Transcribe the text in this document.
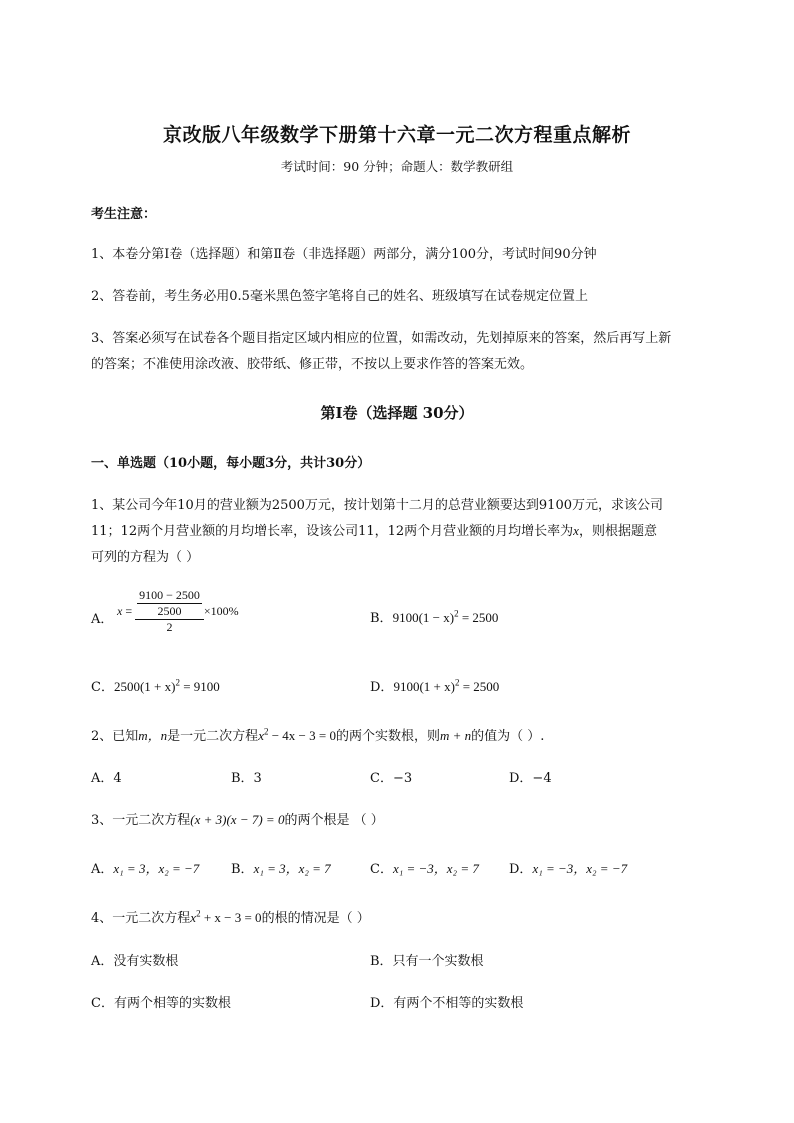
京改版八年级数学下册第十六章一元二次方程重点解析
考试时间：90 分钟；命题人：数学教研组
考生注意：
1、本卷分第Ⅰ卷（选择题）和第Ⅱ卷（非选择题）两部分，满分100分，考试时间90分钟
2、答卷前，考生务必用0.5毫米黑色签字笔将自己的姓名、班级填写在试卷规定位置上
3、答案必须写在试卷各个题目指定区域内相应的位置，如需改动，先划掉原来的答案，然后再写上新
的答案；不准使用涂改液、胶带纸、修正带，不按以上要求作答的答案无效。
第Ⅰ卷（选择题 30分）
一、单选题（10小题，每小题3分，共计30分）
1、某公司今年10月的营业额为2500万元，按计划第十二月的总营业额要达到9100万元，求该公司
11；12两个月营业额的月均增长率，设该公司11，12两个月营业额的月均增长率为x，则根据题意
可列的方程为（ ）
A．
$x = \frac{\frac{9100 - 2500}{2500}}{2} \times 100\%$	B．$9100(1 - x)^2 = 2500$
C．$2500(1 + x)^2 = 9100$	D．$9100(1 + x)^2 = 2500$
2、已知m，n是一元二次方程$x^2 - 4x - 3 = 0$的两个实数根，则m + n的值为（ ）.
A．4	B．3	C．−3	D．−4
3、一元二次方程(x + 3)(x − 7) = 0的两个根是 （ ）
A．x₁ = 3，x₂ = −7 B．x₁ = 3，x₂ = 7	C．x₁ = −3，x₂ = 7 D．x₁ = −3，x₂ = −7
4、一元二次方程$x^2 + x - 3 = 0$的根的情况是（ ）
A．没有实数根	B．只有一个实数根
C．有两个相等的实数根	D．有两个不相等的实数根
